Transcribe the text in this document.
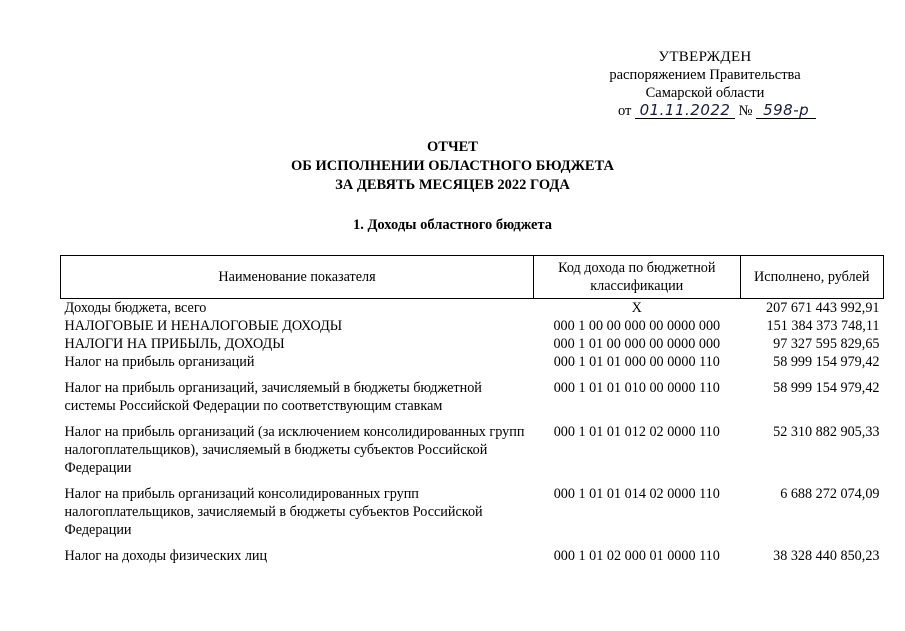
УТВЕРЖДЕН
распоряжением Правительства
Самарской области
от 01.11.2022 № 598-р
ОТЧЕТ
ОБ ИСПОЛНЕНИИ ОБЛАСТНОГО БЮДЖЕТА
ЗА ДЕВЯТЬ МЕСЯЦЕВ 2022 ГОДА
1. Доходы областного бюджета
Наименование показателя	Код дохода по бюджетной классификации	Исполнено, рублей
Доходы бюджета, всего	X	207 671 443 992,91
НАЛОГОВЫЕ И НЕНАЛОГОВЫЕ ДОХОДЫ	000 1 00 00 000 00 0000 000	151 384 373 748,11
НАЛОГИ НА ПРИБЫЛЬ, ДОХОДЫ	000 1 01 00 000 00 0000 000	97 327 595 829,65
Налог на прибыль организаций	000 1 01 01 000 00 0000 110	58 999 154 979,42
Налог на прибыль организаций, зачисляемый в бюджеты бюджетной системы Российской Федерации по соответствующим ставкам	000 1 01 01 010 00 0000 110	58 999 154 979,42
Налог на прибыль организаций (за исключением консолидированных групп налогоплательщиков), зачисляемый в бюджеты субъектов Российской Федерации	000 1 01 01 012 02 0000 110	52 310 882 905,33
Налог на прибыль организаций консолидированных групп налогоплательщиков, зачисляемый в бюджеты субъектов Российской Федерации	000 1 01 01 014 02 0000 110	6 688 272 074,09
Налог на доходы физических лиц	000 1 01 02 000 01 0000 110	38 328 440 850,23
